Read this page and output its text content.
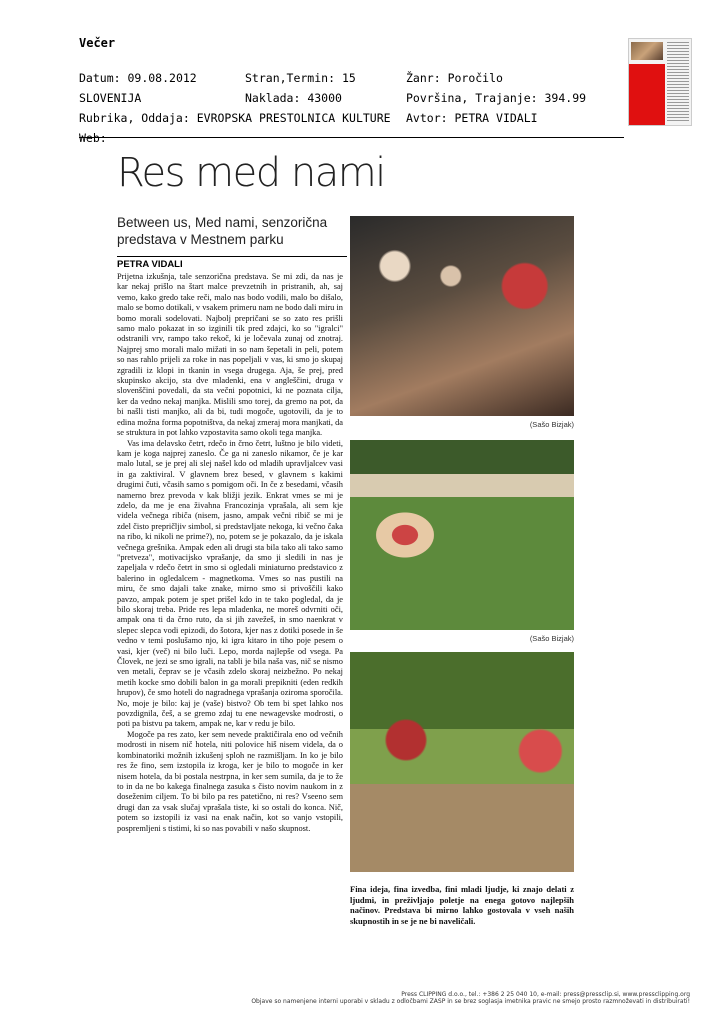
Večer
Datum: 09.08.2012	Stran,Termin: 15	Žanr: Poročilo
SLOVENIJA	Naklada: 43000	Površina, Trajanje: 394.99
Rubrika, Oddaja: EVROPSKA PRESTOLNICA KULTURE Avtor: PETRA VIDALI
Web:
Res med nami
Between us, Med nami, senzorična predstava v Mestnem parku
PETRA VIDALI

Prijetna izkušnja, tale senzorična predstava. Se mi zdi, da nas je kar nekaj prišlo na štart malce prevzetnih in pristranih, ah, saj vemo, kako gredo take reči, malo nas bodo vodili, malo bo dišalo, malo se bomo dotikali, v vsakem primeru nam ne bodo dali miru in bomo morali sodelovati. Najbolj prepričani se so zato res prišli samo malo pokazat in so izginili tik pred zdajci, ko so "igralci" odstranili vrv, rampo tako rekoč, ki je ločevala zunaj od znotraj. Najprej smo morali malo mižati in so nam šepetali in peli, potem so nas rahlo prijeli za roke in nas popeljali v vas, ki smo jo skupaj zgradili iz klopi in tkanin in vsega drugega. Aja, še prej, pred skupinsko akcijo, sta dve mladenki, ena v angleščini, druga v slovenščini povedali, da sta večni popotnici, ki ne poznata cilja, ker da vedno nekaj manjka. Mislili smo torej, da gremo na pot, da bi našli tisti manjko, ali da bi, tudi mogoče, ugotovili, da je to edina možna forma popotništva, da nekaj zmeraj mora manjkati, da se struktura in pot lahko vzpostavita samo okoli tega manjka.

Vas ima delavsko četrt, rdečo in črno četrt, luštno je bilo videti, kam je koga najprej zaneslo. Če ga ni zaneslo nikamor, če je kar malo lutal, se je prej ali slej našel kdo od mladih upravljalcev vasi in ga zaktiviral. V glavnem brez besed, v glavnem s kakimi drugimi čuti, včasih samo s pomigom oči. In če z besedami, včasih namerno brez prevoda v kak bližji jezik. Enkrat vmes se mi je zdelo, da me je ena živahna Francozinja vprašala, ali sem kje videla večnega ribiča (nisem, jasno, ampak večni ribič se mi je zdel čisto prepričljiv simbol, si predstavljate nekoga, ki večno čaka na ribo, ki nikoli ne prime?), no, potem se je pokazalo, da je iskala večnega grešnika. Ampak eden ali drugi sta bila tako ali tako samo "pretveza", motivacijsko vprašanje, da smo ji sledili in nas je zapeljala v rdečo četrt in smo si ogledali miniaturno predstavico z balerino in ogledalcem - magnetkoma. Vmes so nas pustili na miru, če smo dajali take znake, mirno smo si privoščili kako pavzo, ampak potem je spet prišel kdo in te tako pogledal, da je bilo skoraj treba. Pride res lepa mladenka, ne moreš odvrniti oči, ampak ona ti da črno ruto, da si jih zavežeš, in smo naenkrat v slepec slepca vodi epizodi, do šotora, kjer nas z dotiki posede in še vedno v temi poslušamo njo, ki igra kitaro in tiho poje pesem o vasi, kjer (več) ni bilo luči. Lepo, morda najlepše od vsega. Pa Človek, ne jezi se smo igrali, na tabli je bila naša vas, nič se nismo ven metali, čeprav se je včasih zdelo skoraj neizbežno. Po nekaj metih kocke smo dobili balon in ga morali prepikniti (eden redkih hrupov), če smo hoteli do nagradnega vprašanja oziroma sporočila. No, moje je bilo: kaj je (vaše) bistvo? Ob tem bi spet lahko nos povzdignila, češ, a se gremo zdaj tu ene newagevske modrosti, o poti pa bistvu pa takem, ampak ne, kar v redu je bilo.

Mogoče pa res zato, ker sem nevede praktičirala eno od večnih modrosti in nisem nič hotela, niti polovice hiš nisem videla, da o kombinatoriki možnih izkušenj sploh ne razmišljam. In ko je bilo res že fino, sem izstopila iz kroga, ker je bilo to mogoče in ker nisem hotela, da bi postala nestrpna, in ker sem sumila, da je to že to in da ne bo kakega finalnega zasuka s čisto novim naukom in z doseženim ciljem. To bi bilo pa res patetično, ni res? Vseeno sem drugi dan za vsak slučaj vprašala tiste, ki so ostali do konca. Nič, potem so izstopili iz vasi na enak način, kot so vanjo vstopili, pospremljeni s tistimi, ki so nas povabili v našo skupnost.

(Sašo Bizjak)
(Sašo Bizjak)
Fina ideja, fina izvedba, fini mladi ljudje, ki znajo delati z ljudmi, in preživljajo poletje na enega gotovo najlepših načinov. Predstava bi mirno lahko gostovala v vseh naših skupnostih in se je ne bi naveličali.
Press CLIPPING d.o.o., tel.: +386 2 25 040 10, e-mail: press@pressclip.si, www.pressclipping.org
Objave so namenjene interni uporabi v skladu z odločbami ZASP in se brez soglasja imetnika pravic ne smejo prosto razmnoževati in distribuirati!
